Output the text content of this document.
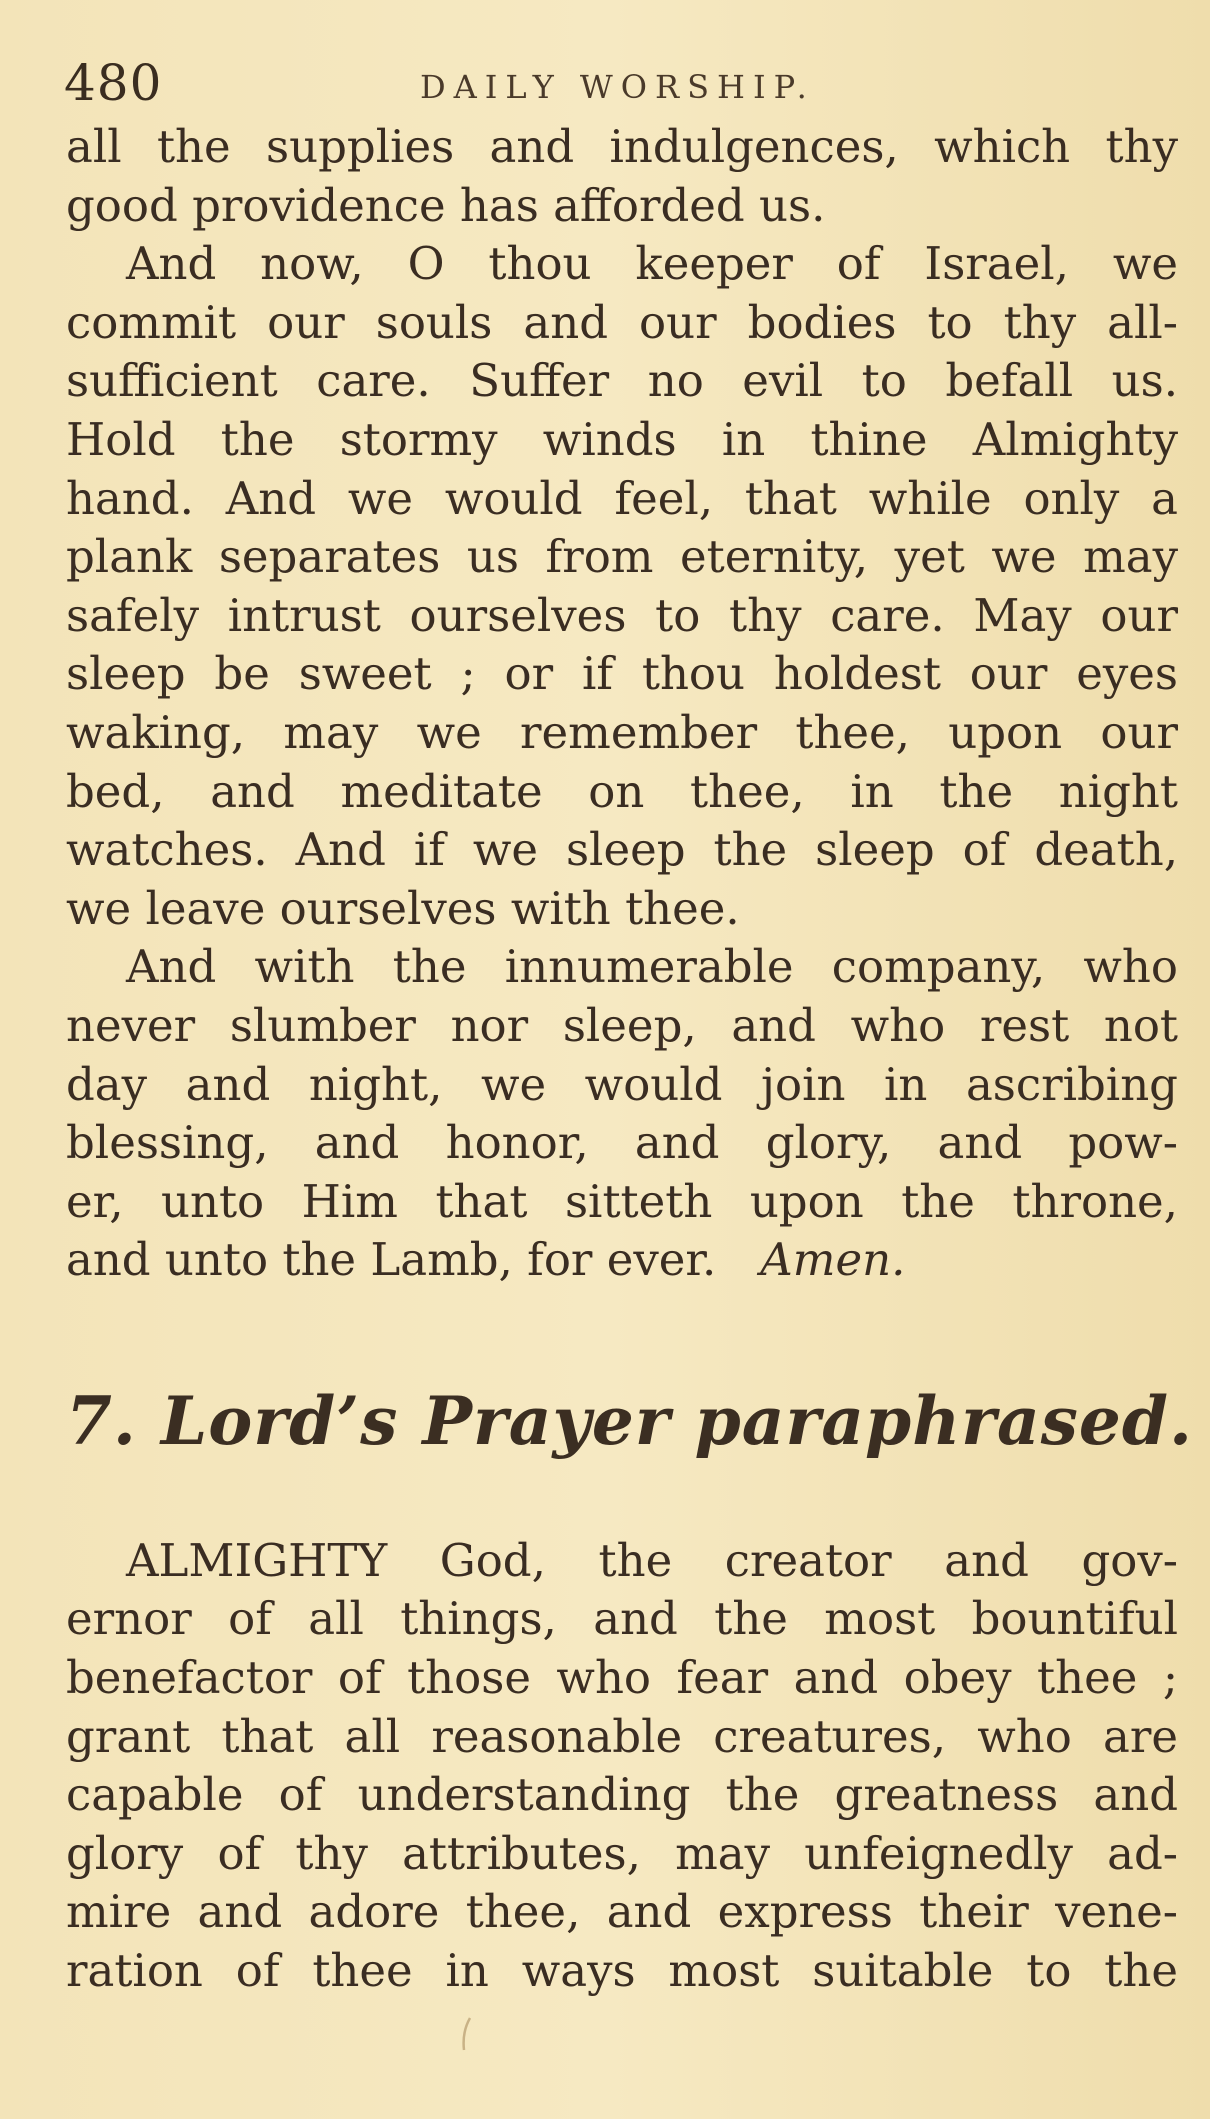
480	DAILY WORSHIP.
all the supplies and indulgences, which thy
good providence has afforded us.
And now, O thou keeper of Israel, we
commit our souls and our bodies to thy all-
sufficient care. Suffer no evil to befall us.
Hold the stormy winds in thine Almighty
hand. And we would feel, that while only a
plank separates us from eternity, yet we may
safely intrust ourselves to thy care. May our
sleep be sweet ; or if thou holdest our eyes
waking, may we remember thee, upon our
bed, and meditate on thee, in the night
watches. And if we sleep the sleep of death,
we leave ourselves with thee.
And with the innumerable company, who
never slumber nor sleep, and who rest not
day and night, we would join in ascribing
blessing, and honor, and glory, and pow-
er, unto Him that sitteth upon the throne,
and unto the Lamb, for ever. Amen.
7. Lord’s Prayer paraphrased.
ALMIGHTY God, the creator and gov-
ernor of all things, and the most bountiful
benefactor of those who fear and obey thee ;
grant that all reasonable creatures, who are
capable of understanding the greatness and
glory of thy attributes, may unfeignedly ad-
mire and adore thee, and express their vene-
ration of thee in ways most suitable to the
